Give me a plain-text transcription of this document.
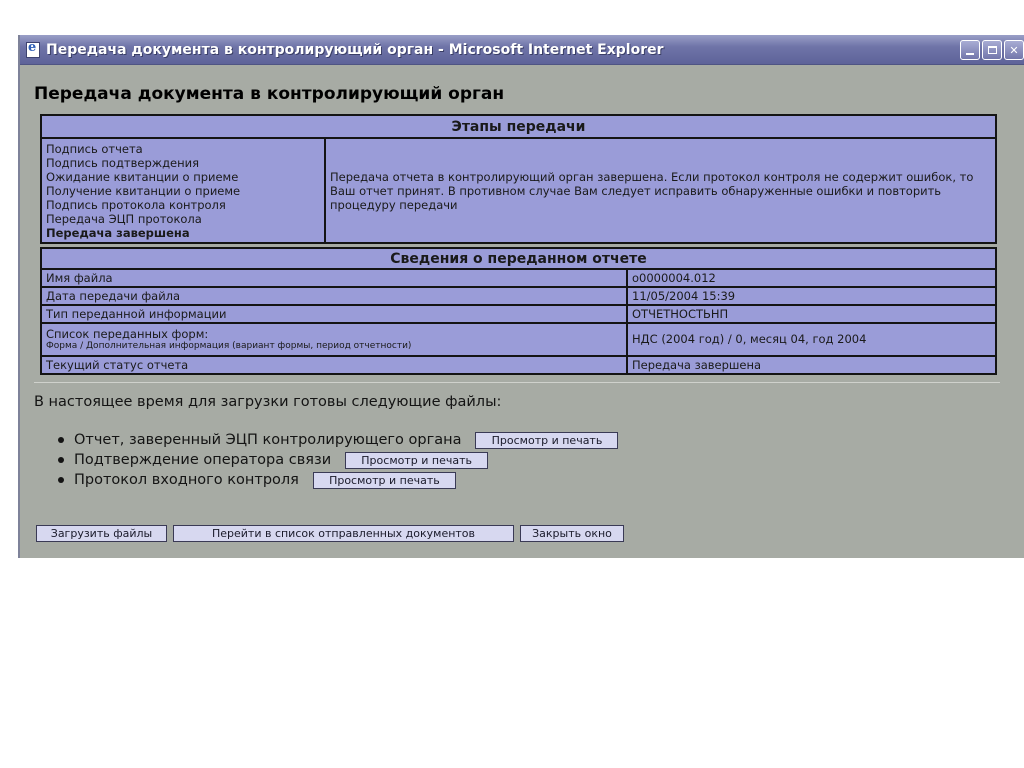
e
Передача документа в контролирующий орган - Microsoft Internet Explorer	✕
Передача документа в контролирующий орган
Этапы передачи

Подпись отчета
Подпись подтверждения
Ожидание квитанции о приеме
Получение квитанции о приеме
Подпись протокола контроля
Передача ЭЦП протокола
Передача завершена
	Передача отчета в контролирующий орган завершена. Если протокол контроля не содержит ошибок, то Ваш отчет принят. В противном случае Вам следует исправить обнаруженные ошибки и повторить процедуру передачи
Сведения о переданном отчете	
Имя файла	o0000004.012
Дата передачи файла	11/05/2004 15:39
Тип переданной информации	ОТЧЕТНОСТЬНП

Список переданных форм:
Форма / Дополнительная информация (вариант формы, период отчетности)	НДС (2004 год) / 0, месяц 04, год 2004
Текущий статус отчета	Передача завершена
В настоящее время для загрузки готовы следующие файлы:
Отчет, заверенный ЭЦП контролирующего органа	Просмотр и печать
Подтверждение оператора связи	Просмотр и печать
Протокол входного контроля	Просмотр и печать
Загрузить файлы	Перейти в список отправленных документов	Закрыть окно
